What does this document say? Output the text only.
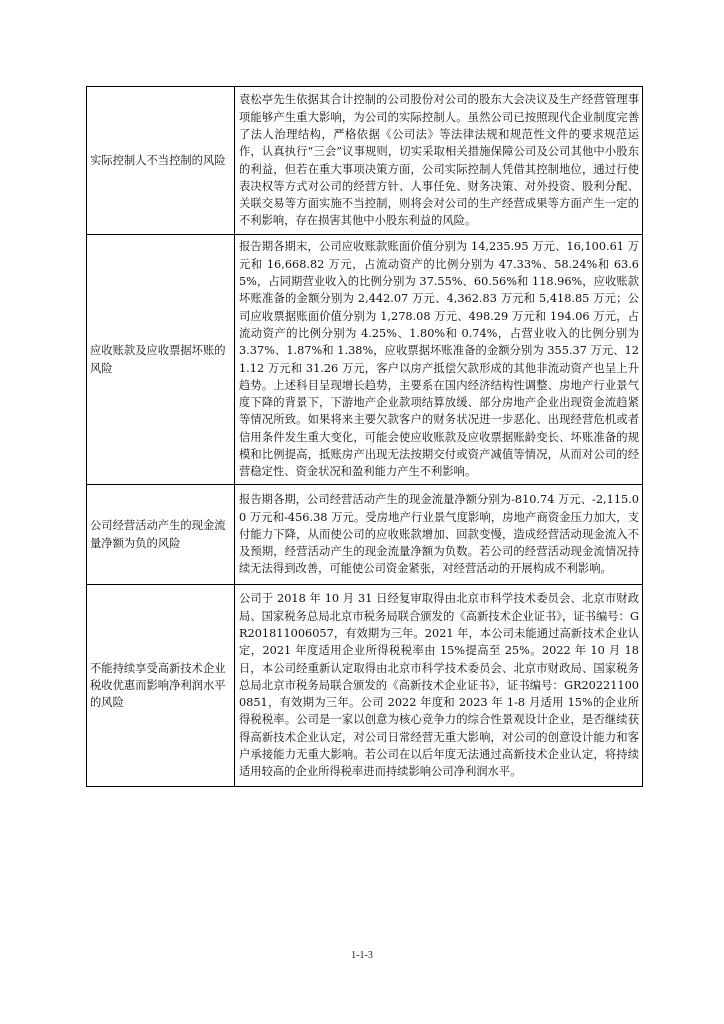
实际控制人不当控制的风险	袁松亭先生依据其合计控制的公司股份对公司的股东大会决议及生产经营管理事项能够产生重大影响，为公司的实际控制人。虽然公司已按照现代企业制度完善了法人治理结构，严格依据《公司法》等法律法规和规范性文件的要求规范运作，认真执行“三会”议事规则，切实采取相关措施保障公司及公司其他中小股东的利益，但若在重大事项决策方面，公司实际控制人凭借其控制地位，通过行使表决权等方式对公司的经营方针、人事任免、财务决策、对外投资、股利分配、关联交易等方面实施不当控制，则将会对公司的生产经营成果等方面产生一定的不利影响，存在损害其他中小股东利益的风险。
应收账款及应收票据坏账的风险	报告期各期末，公司应收账款账面价值分别为 14,235.95 万元、16,100.61 万元和 16,668.82 万元，占流动资产的比例分别为 47.33%、58.24%和 63.65%，占同期营业收入的比例分别为 37.55%、60.56%和 118.96%，应收账款坏账准备的金额分别为 2,442.07 万元、4,362.83 万元和 5,418.85 万元；公司应收票据账面价值分别为 1,278.08 万元、498.29 万元和 194.06 万元，占流动资产的比例分别为 4.25%、1.80%和 0.74%，占营业收入的比例分别为 3.37%、1.87%和 1.38%，应收票据坏账准备的金额分别为 355.37 万元、121.12 万元和 31.26 万元，客户以房产抵偿欠款形成的其他非流动资产也呈上升趋势。上述科目呈现增长趋势，主要系在国内经济结构性调整、房地产行业景气度下降的背景下，下游地产企业款项结算放缓、部分房地产企业出现资金流趋紧等情况所致。如果将来主要欠款客户的财务状况进一步恶化、出现经营危机或者信用条件发生重大变化，可能会使应收账款及应收票据账龄变长、坏账准备的规模和比例提高，抵账房产出现无法按期交付或资产减值等情况，从而对公司的经营稳定性、资金状况和盈利能力产生不利影响。
公司经营活动产生的现金流量净额为负的风险	报告期各期，公司经营活动产生的现金流量净额分别为-810.74 万元、-2,115.00 万元和-456.38 万元。受房地产行业景气度影响，房地产商资金压力加大，支付能力下降，从而使公司的应收账款增加、回款变慢，造成经营活动现金流入不及预期，经营活动产生的现金流量净额为负数。若公司的经营活动现金流情况持续无法得到改善，可能使公司资金紧张，对经营活动的开展构成不利影响。
不能持续享受高新技术企业税收优惠而影响净利润水平的风险	公司于 2018 年 10 月 31 日经复审取得由北京市科学技术委员会、北京市财政局、国家税务总局北京市税务局联合颁发的《高新技术企业证书》，证书编号：GR201811006057，有效期为三年。2021 年，本公司未能通过高新技术企业认定，2021 年度适用企业所得税税率由 15%提高至 25%。2022 年 10 月 18 日，本公司经重新认定取得由北京市科学技术委员会、北京市财政局、国家税务总局北京市税务局联合颁发的《高新技术企业证书》，证书编号：GR202211000851，有效期为三年。公司 2022 年度和 2023 年 1-8 月适用 15%的企业所得税税率。公司是一家以创意为核心竞争力的综合性景观设计企业，是否继续获得高新技术企业认定，对公司日常经营无重大影响，对公司的创意设计能力和客户承接能力无重大影响。若公司在以后年度无法通过高新技术企业认定，将持续适用较高的企业所得税率进而持续影响公司净利润水平。
1-1-3
